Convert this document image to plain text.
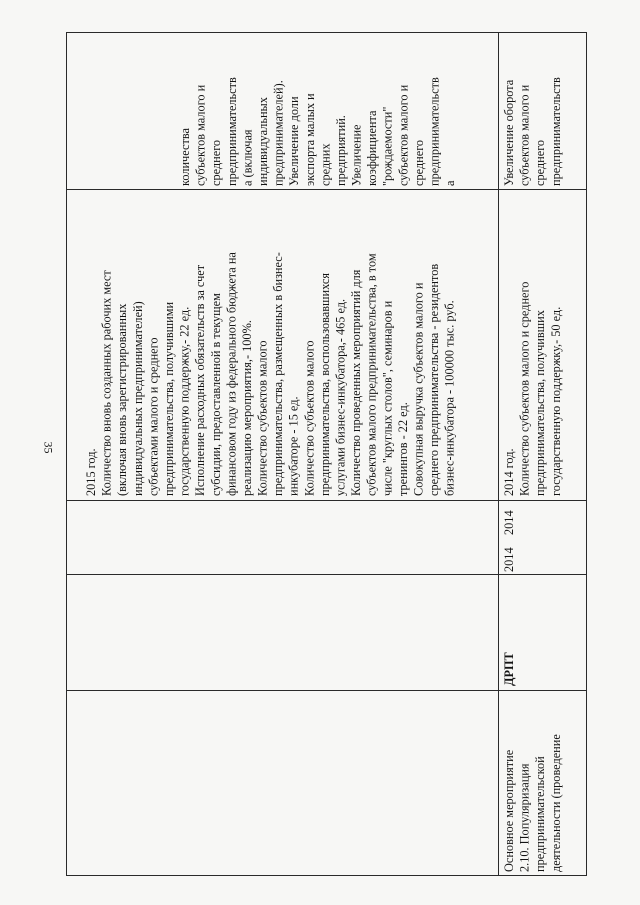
35
2015 год.
Количество вновь созданных рабочих мест
(включая вновь зарегистрированных
индивидуальных предпринимателей)
субъектами малого и среднего
предпринимательства, получившими
государственную поддержку,- 22 ед.
Исполнение расходных обязательств за счет
субсидии, предоставленной в текущем
финансовом году из федерального бюджета на
реализацию мероприятия,- 100%.
Количество субъектов малого
предпринимательства, размещенных в бизнес-
инкубаторе - 15 ед.
Количество субъектов малого
предпринимательства, воспользовавшихся
услугами бизнес-инкубатора,- 465 ед.
Количество проведенных мероприятий для
субъектов малого предпринимательства, в том
числе "круглых столов", семинаров и
тренингов - 22 ед.
Совокупная выручка субъектов малого и
среднего предпринимательства - резидентов
бизнес-инкубатора - 100000 тыс. руб.
количества
субъектов малого и
среднего
предпринимательств
а (включая
индивидуальных
предпринимателей).
Увеличение доли
экспорта малых и
средних
предприятий.
Увеличение
коэффициента
"рождаемости"
субъектов малого и
среднего
предпринимательств
а
Основное мероприятие
2.10. Популяризация
предпринимательской
деятельности (проведение
ДРПТ
2014
2014
2014 год.
Количество субъектов малого и среднего
предпринимательства, получивших
государственную поддержку,- 50 ед.
Увеличение оборота
субъектов малого и
среднего
предпринимательств
